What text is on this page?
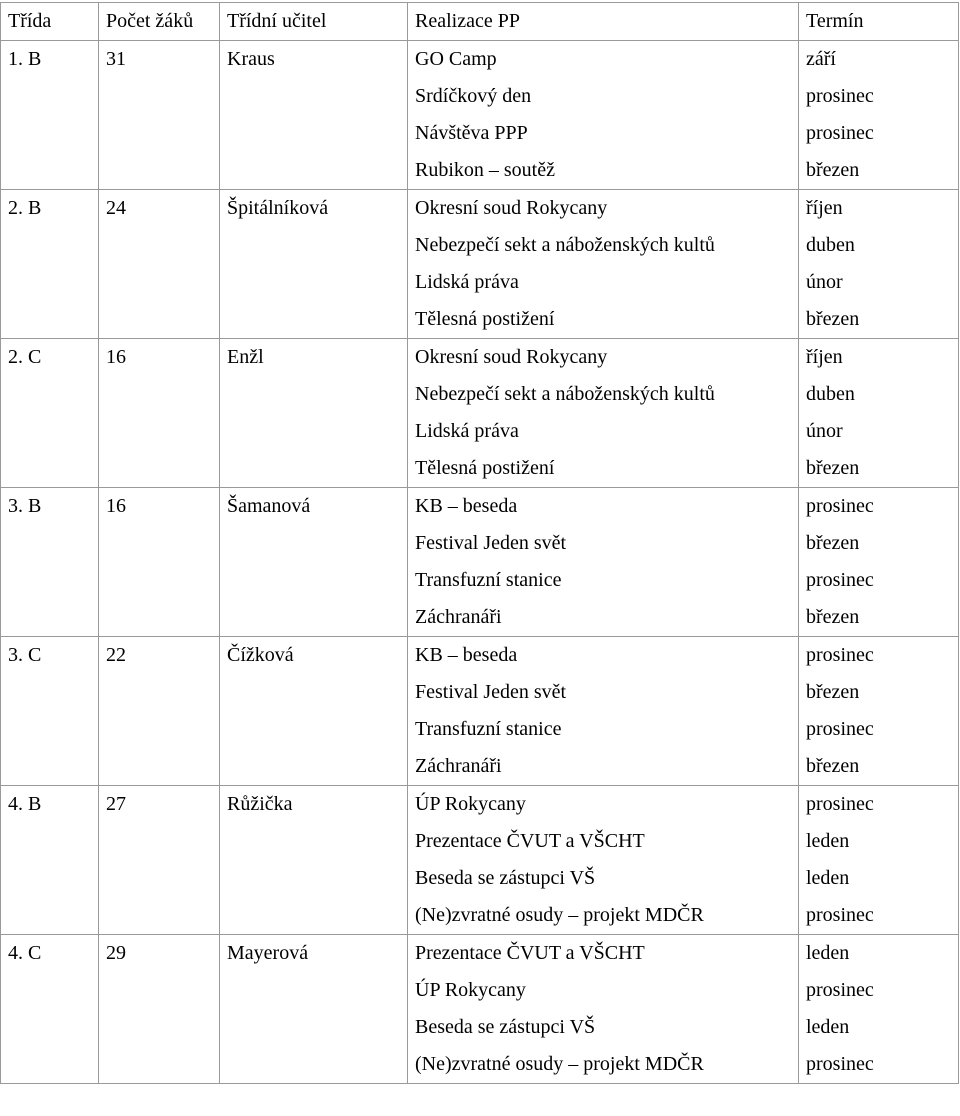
Třída	Počet žáků	Třídní učitel	Realizace PP	Termín
1. B	31	Kraus	GO Camp	září
			Srdíčkový den	prosinec
			Návštěva PPP	prosinec
			Rubikon – soutěž	březen
2. B	24	Špitálníková	Okresní soud Rokycany	říjen
			Nebezpečí sekt a náboženských kultů	duben
			Lidská práva	únor
			Tělesná postižení	březen
2. C	16	Enžl	Okresní soud Rokycany	říjen
			Nebezpečí sekt a náboženských kultů	duben
			Lidská práva	únor
			Tělesná postižení	březen
3. B	16	Šamanová	KB – beseda	prosinec
			Festival Jeden svět	březen
			Transfuzní stanice	prosinec
			Záchranáři	březen
3. C	22	Čížková	KB – beseda	prosinec
			Festival Jeden svět	březen
			Transfuzní stanice	prosinec
			Záchranáři	březen
4. B	27	Růžička	ÚP Rokycany	prosinec
			Prezentace ČVUT a VŠCHT	leden
			Beseda se zástupci VŠ	leden
			(Ne)zvratné osudy – projekt MDČR	prosinec
4. C	29	Mayerová	Prezentace ČVUT a VŠCHT	leden
			ÚP Rokycany	prosinec
			Beseda se zástupci VŠ	leden
			(Ne)zvratné osudy – projekt MDČR	prosinec
